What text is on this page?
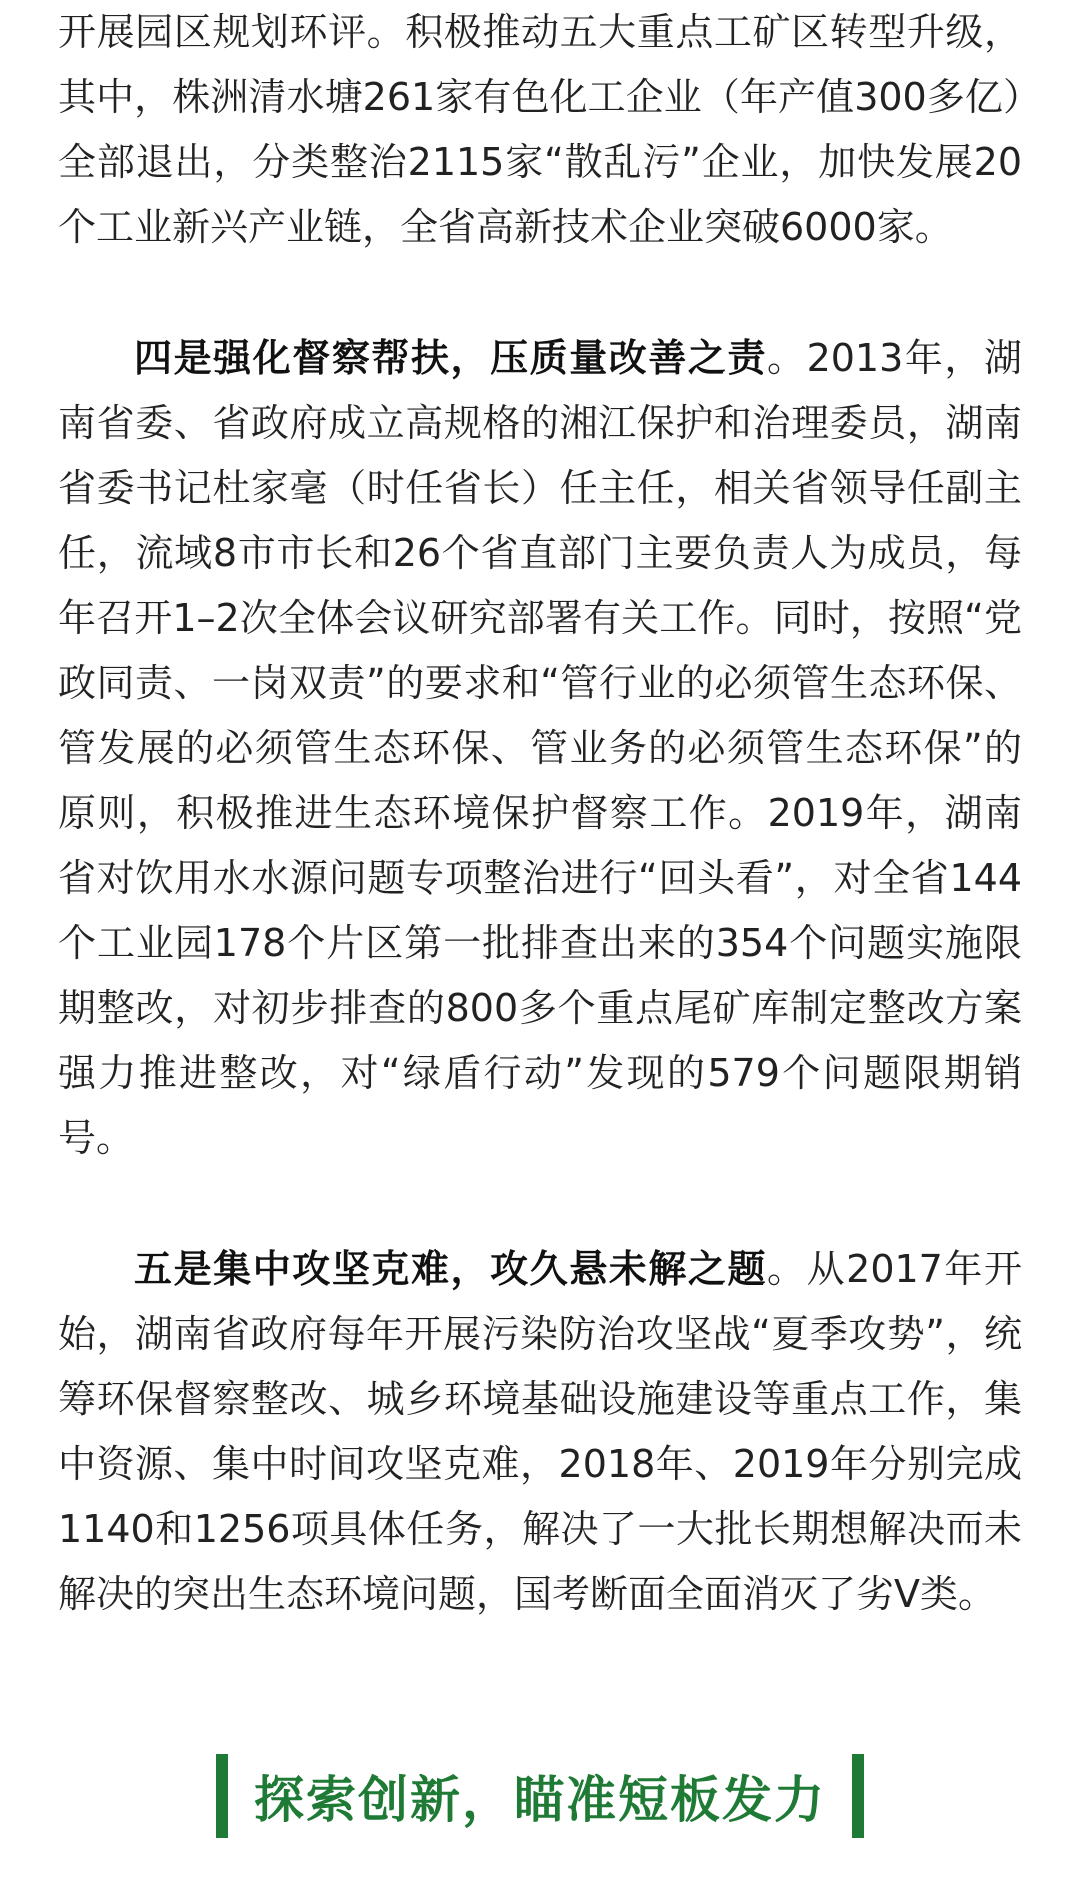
开展园区规划环评。积极推动五大重点工矿区转型升级，其中，株洲清水塘261家有色化工企业（年产值300多亿）全部退出，分类整治2115家“散乱污”企业，加快发展20个工业新兴产业链，全省高新技术企业突破6000家。

四是强化督察帮扶，压质量改善之责。2013年，湖南省委、省政府成立高规格的湘江保护和治理委员，湖南省委书记杜家毫（时任省长）任主任，相关省领导任副主任，流域8市市长和26个省直部门主要负责人为成员，每年召开1–2次全体会议研究部署有关工作。同时，按照“党政同责、一岗双责”的要求和“管行业的必须管生态环保、管发展的必须管生态环保、管业务的必须管生态环保”的原则，积极推进生态环境保护督察工作。2019年，湖南省对饮用水水源问题专项整治进行“回头看”，对全省144个工业园178个片区第一批排查出来的354个问题实施限期整改，对初步排查的800多个重点尾矿库制定整改方案强力推进整改，对“绿盾行动”发现的579个问题限期销号。

五是集中攻坚克难，攻久悬未解之题。从2017年开始，湖南省政府每年开展污染防治攻坚战“夏季攻势”，统筹环保督察整改、城乡环境基础设施建设等重点工作，集中资源、集中时间攻坚克难，2018年、2019年分别完成1140和1256项具体任务，解决了一大批长期想解决而未解决的突出生态环境问题，国考断面全面消灭了劣Ⅴ类。

探索创新，瞄准短板发力
